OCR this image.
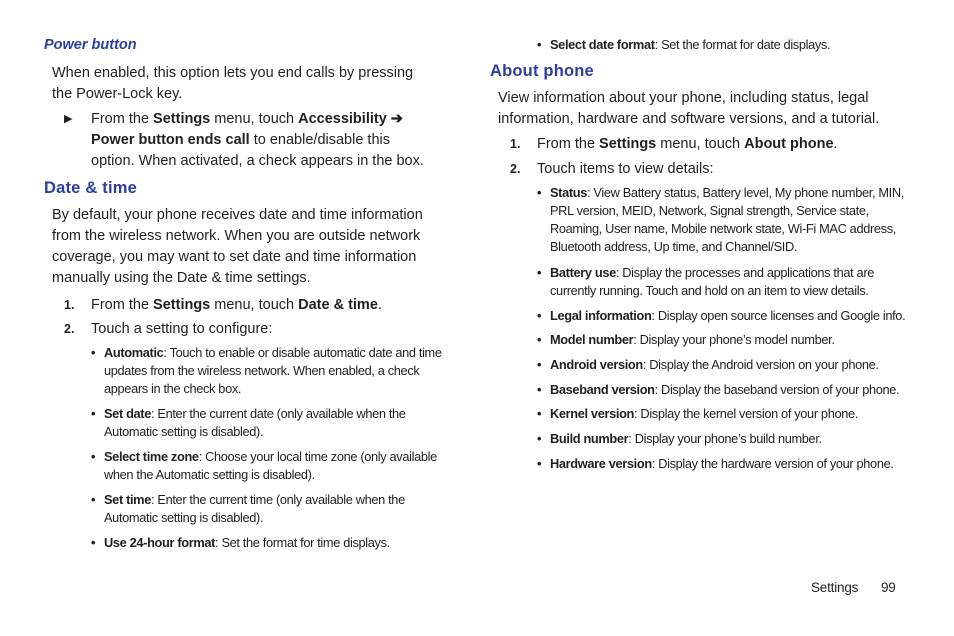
Power button
When enabled, this option lets you end calls by pressing the Power-Lock key.
▶ From the Settings menu, touch Accessibility ➔ Power button ends call to enable/disable this option. When activated, a check appears in the box.
Date & time
By default, your phone receives date and time information from the wireless network. When you are outside network coverage, you may want to set date and time information manually using the Date & time settings.
1. From the Settings menu, touch Date & time.
2. Touch a setting to configure:
• Automatic: Touch to enable or disable automatic date and time updates from the wireless network. When enabled, a check appears in the check box.
• Set date: Enter the current date (only available when the Automatic setting is disabled).
• Select time zone: Choose your local time zone (only available when the Automatic setting is disabled).
• Set time: Enter the current time (only available when the Automatic setting is disabled).
• Use 24-hour format: Set the format for time displays.
• Select date format: Set the format for date displays.
About phone
View information about your phone, including status, legal information, hardware and software versions, and a tutorial.
1. From the Settings menu, touch About phone.
2. Touch items to view details:
• Status: View Battery status, Battery level, My phone number, MIN, PRL version, MEID, Network, Signal strength, Service state, Roaming, User name, Mobile network state, Wi-Fi MAC address, Bluetooth address, Up time, and Channel/SID.
• Battery use: Display the processes and applications that are currently running. Touch and hold on an item to view details.
• Legal information: Display open source licenses and Google info.
• Model number: Display your phone’s model number.
• Android version: Display the Android version on your phone.
• Baseband version: Display the baseband version of your phone.
• Kernel version: Display the kernel version of your phone.
• Build number: Display your phone’s build number.
• Hardware version: Display the hardware version of your phone.
Settings 99
